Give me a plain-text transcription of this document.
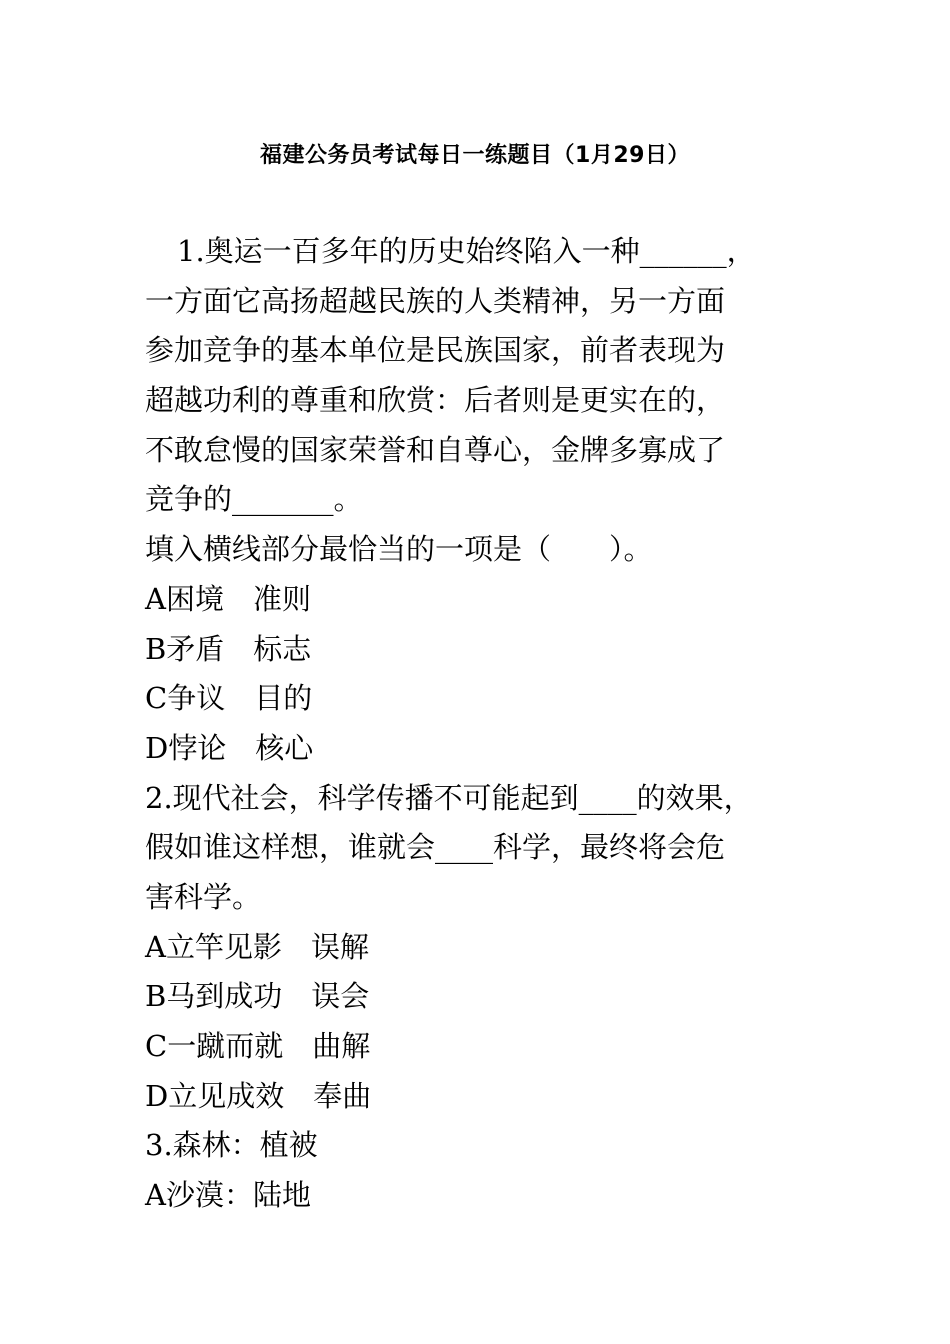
福建公务员考试每日一练题目（1月29日）
1.奥运一百多年的历史始终陷入一种______，
一方面它高扬超越民族的人类精神，另一方面
参加竞争的基本单位是民族国家，前者表现为
超越功利的尊重和欣赏：后者则是更实在的，
不敢怠慢的国家荣誉和自尊心，金牌多寡成了
竞争的_______。
填入横线部分最恰当的一项是（　　）。
A困境　准则
B矛盾　标志
C争议　目的
D悖论　核心
2.现代社会，科学传播不可能起到____的效果，
假如谁这样想，谁就会____科学，最终将会危
害科学。
A立竿见影　误解
B马到成功　误会
C一蹴而就　曲解
D立见成效　奉曲
3.森林：植被
A沙漠：陆地
